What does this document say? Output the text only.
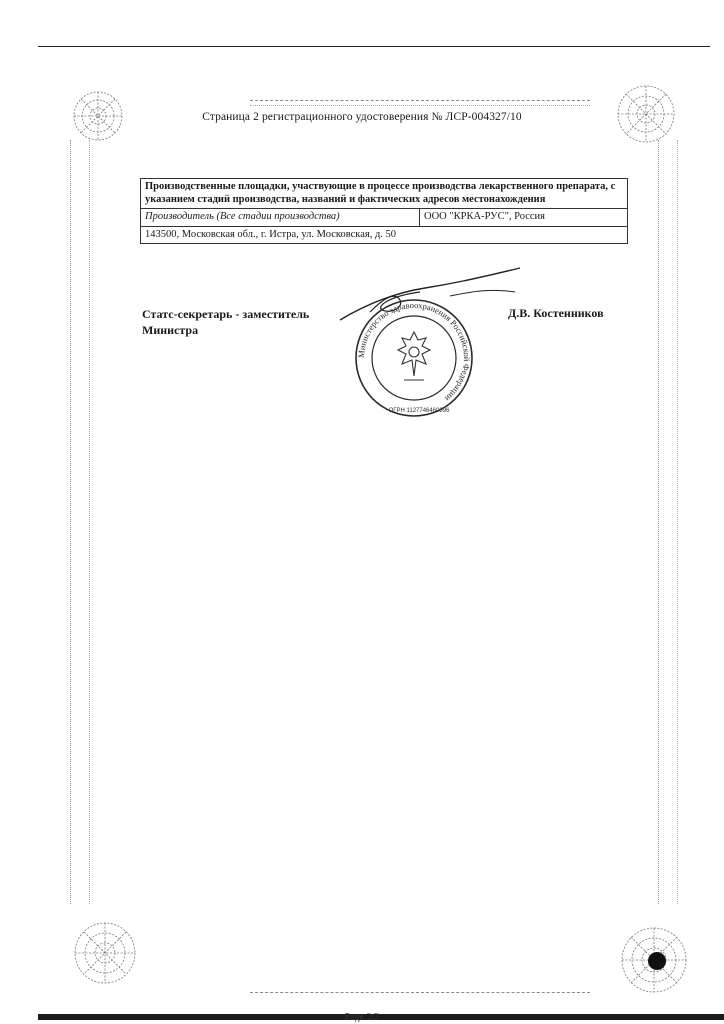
Страница 2 регистрационного удостоверения № ЛСР-004327/10
Производственные площадки, участвующие в процессе производства лекарственного препарата, с указанием стадий производства, названий и фактических адресов местонахождения
Производитель (Все стадии производства)	ООО "КРКА-РУС", Россия
143500, Московская обл., г. Истра, ул. Московская, д. 50
Статс-секретарь - заместитель Министра
Д.В. Костенников
Министерство здравоохранения Российской Федерации
ОГРН 1127746460896
Page 2/2
